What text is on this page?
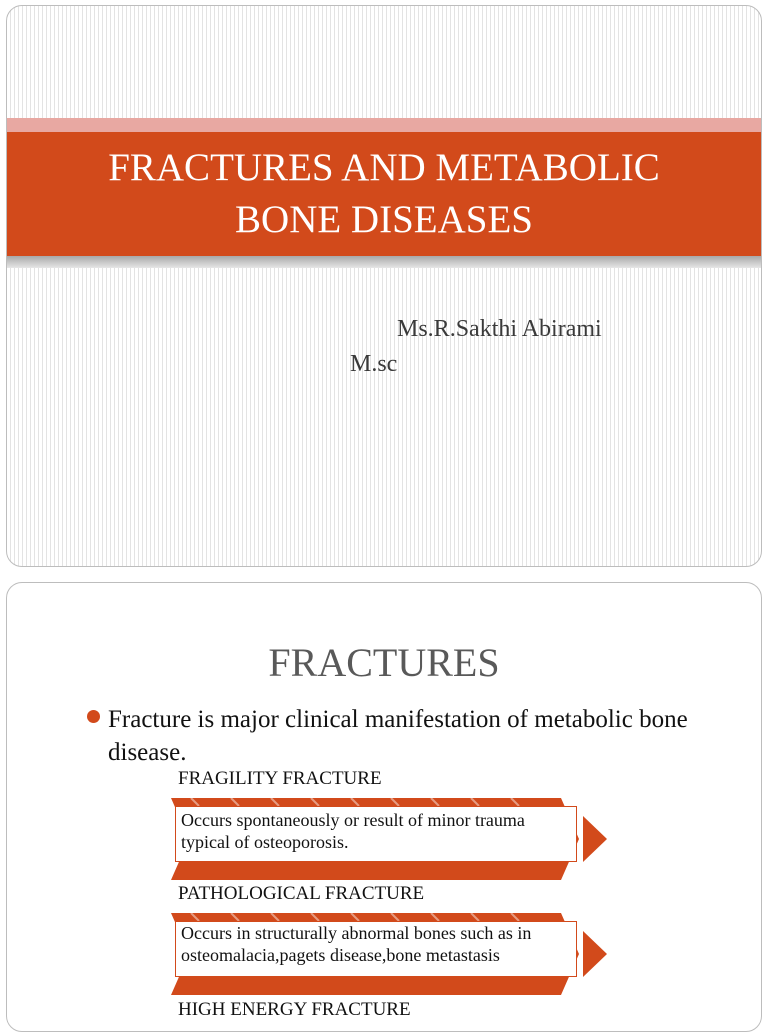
FRACTURES AND METABOLIC
BONE DISEASES
Ms.R.Sakthi Abirami
M.sc
FRACTURES
Fracture is major clinical manifestation of metabolic bone disease.
FRAGILITY FRACTURE
Occurs spontaneously or result of minor trauma typical of osteoporosis.
PATHOLOGICAL FRACTURE
Occurs in structurally abnormal bones such as in osteomalacia,pagets disease,bone metastasis
HIGH ENERGY FRACTURE
